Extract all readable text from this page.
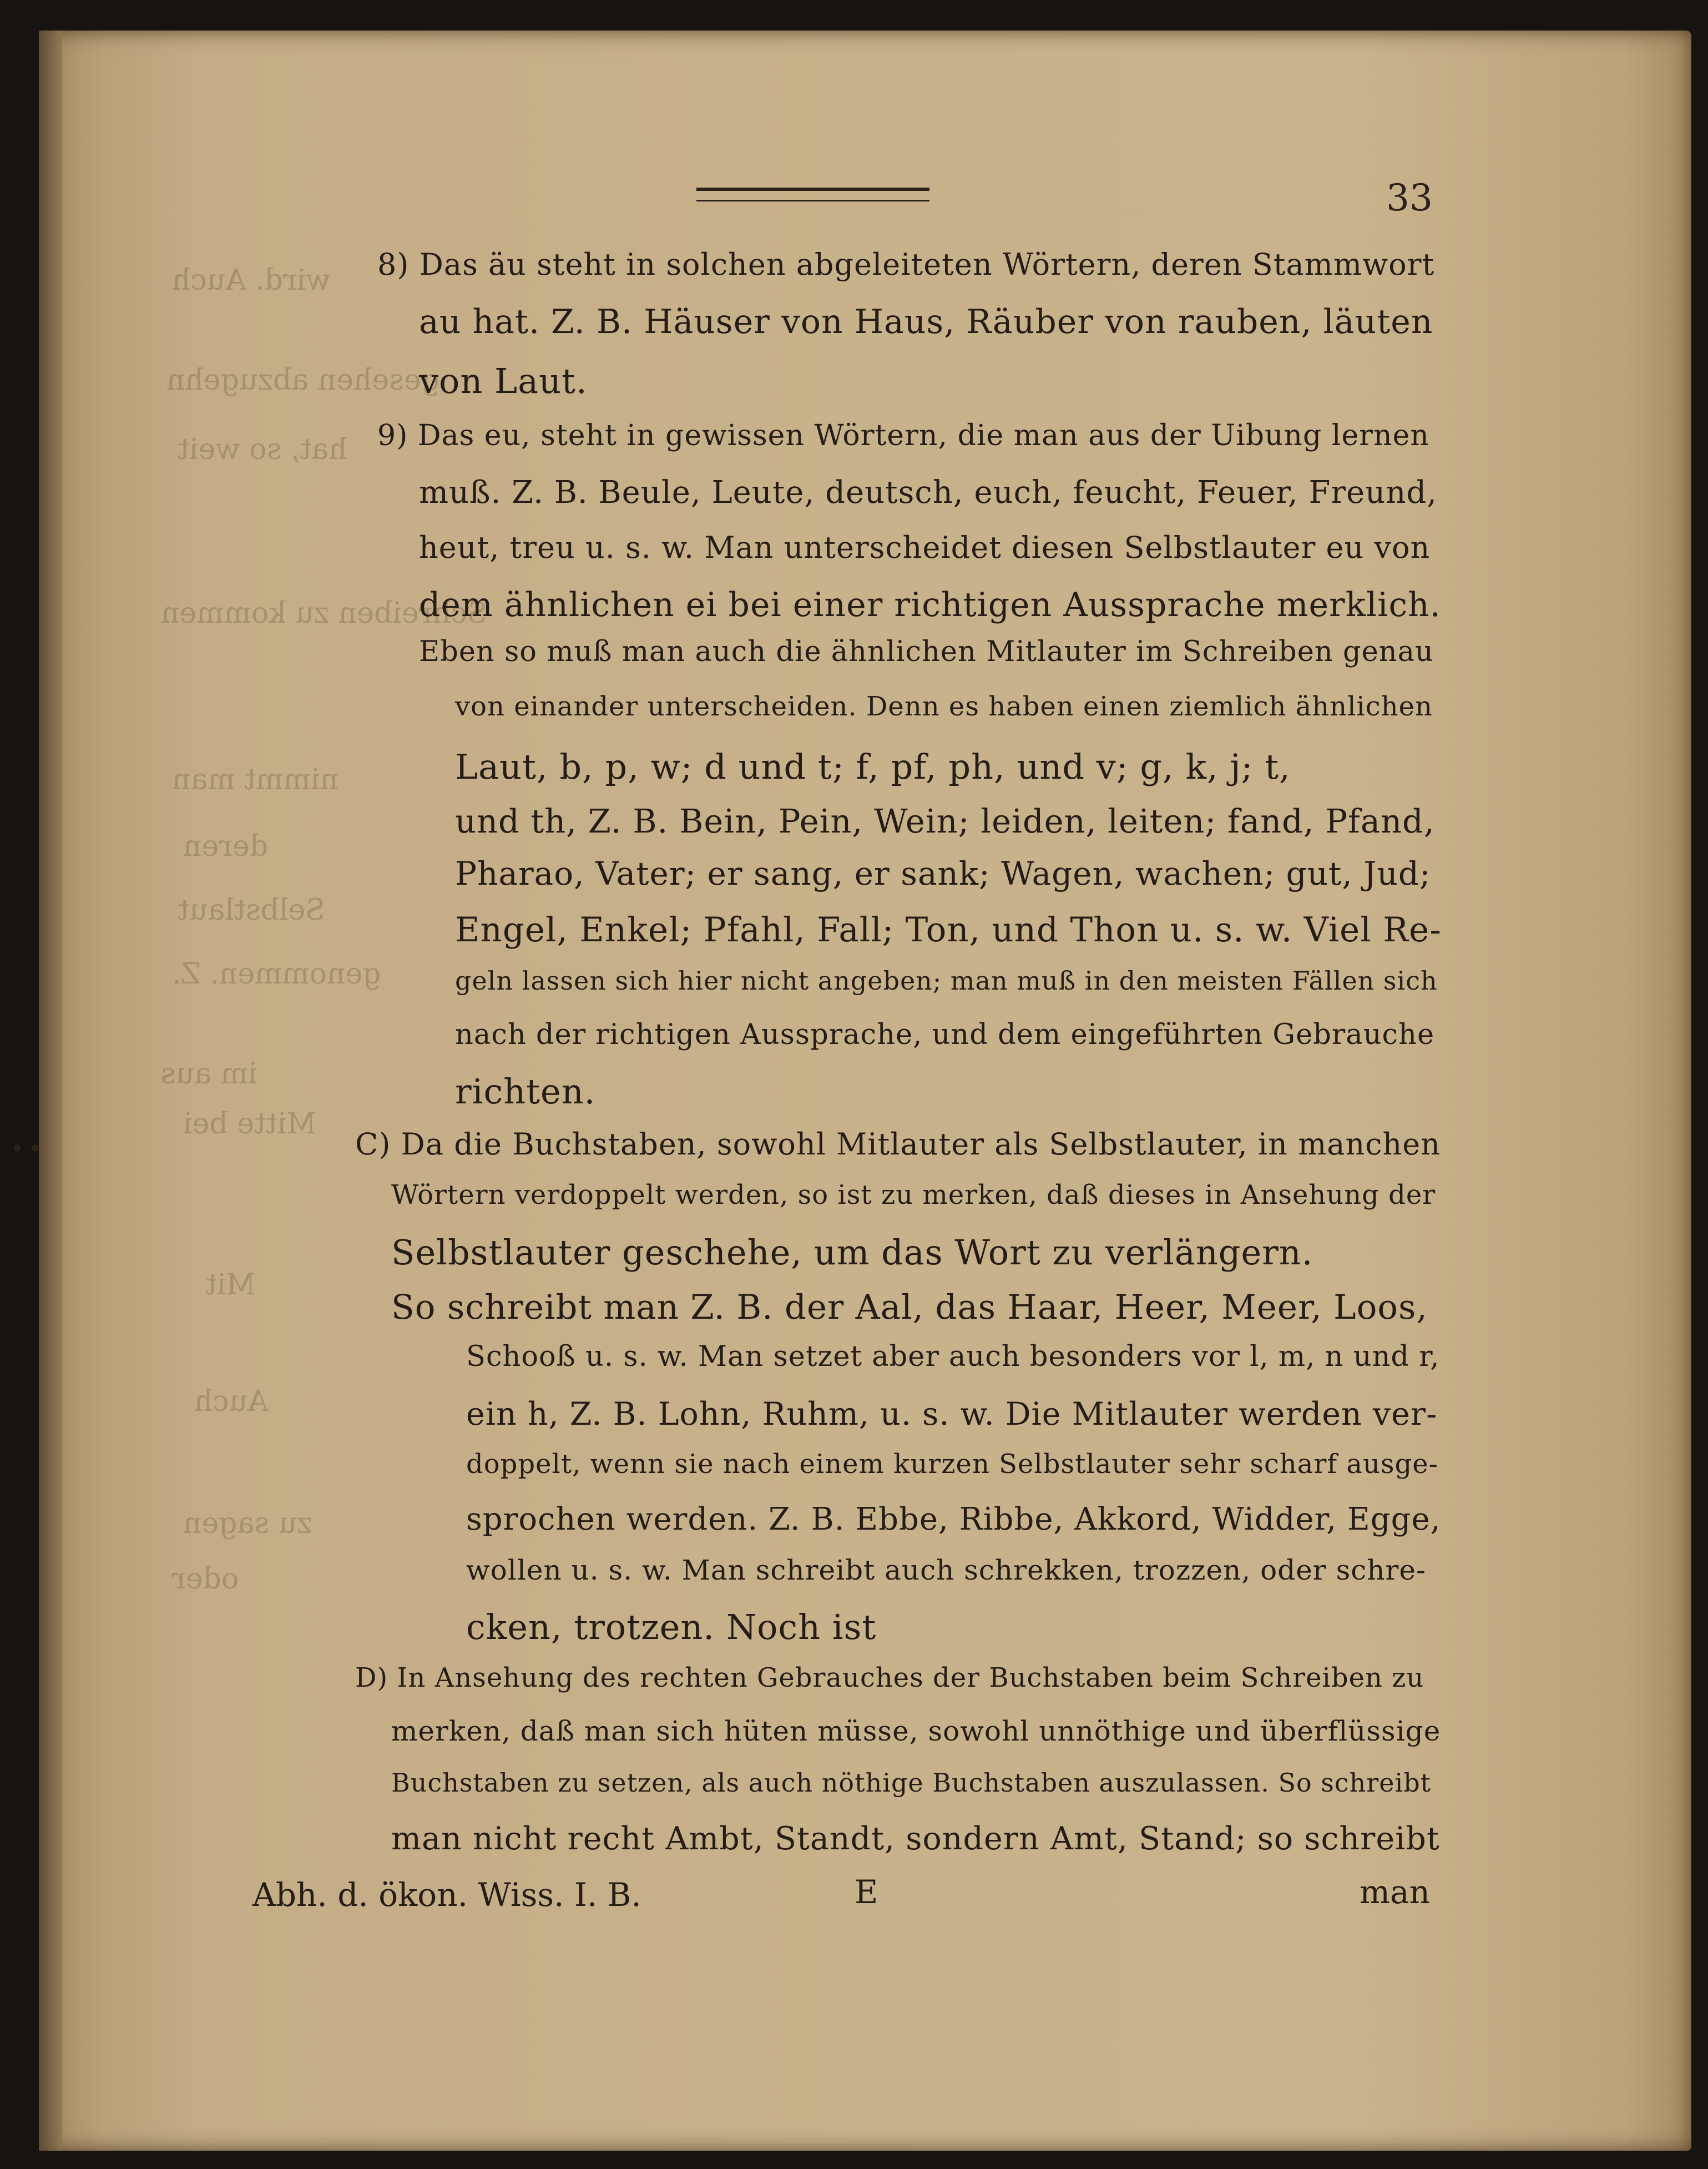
wird. Auch
gesehen abzugehn
hat, so weit
Schreiben zu kommen
nimmt man
deren
Selbstlaut
genommen. Z.
im aus
Mitte bei
Mit
Auch
zu sagen
oder
33
••
8) Das äu steht in solchen abgeleiteten Wörtern, deren Stammwort
au hat. Z. B. Häuser von Haus, Räuber von rauben, läuten
von Laut.
9) Das eu, steht in gewissen Wörtern, die man aus der Uibung lernen
muß. Z. B. Beule, Leute, deutsch, euch, feucht, Feuer, Freund,
heut, treu u. s. w. Man unterscheidet diesen Selbstlauter eu von
dem ähnlichen ei bei einer richtigen Aussprache merklich.
Eben so muß man auch die ähnlichen Mitlauter im Schreiben genau
von einander unterscheiden. Denn es haben einen ziemlich ähnlichen
Laut, b, p, w; d und t; f, pf, ph, und v; g, k, j; t,
und th, Z. B. Bein, Pein, Wein; leiden, leiten; fand, Pfand,
Pharao, Vater; er sang, er sank; Wagen, wachen; gut, Jud;
Engel, Enkel; Pfahl, Fall; Ton, und Thon u. s. w. Viel Re-
geln lassen sich hier nicht angeben; man muß in den meisten Fällen sich
nach der richtigen Aussprache, und dem eingeführten Gebrauche
richten.
C) Da die Buchstaben, sowohl Mitlauter als Selbstlauter, in manchen
Wörtern verdoppelt werden, so ist zu merken, daß dieses in Ansehung der
Selbstlauter geschehe, um das Wort zu verlängern.
So schreibt man Z. B. der Aal, das Haar, Heer, Meer, Loos,
Schooß u. s. w. Man setzet aber auch besonders vor l, m, n und r,
ein h, Z. B. Lohn, Ruhm, u. s. w. Die Mitlauter werden ver-
doppelt, wenn sie nach einem kurzen Selbstlauter sehr scharf ausge-
sprochen werden. Z. B. Ebbe, Ribbe, Akkord, Widder, Egge,
wollen u. s. w. Man schreibt auch schrekken, trozzen, oder schre-
cken, trotzen. Noch ist
D) In Ansehung des rechten Gebrauches der Buchstaben beim Schreiben zu
merken, daß man sich hüten müsse, sowohl unnöthige und überflüssige
Buchstaben zu setzen, als auch nöthige Buchstaben auszulassen. So schreibt
man nicht recht Ambt, Standt, sondern Amt, Stand; so schreibt
Abh. d. ökon. Wiss. I. B.	E	man
